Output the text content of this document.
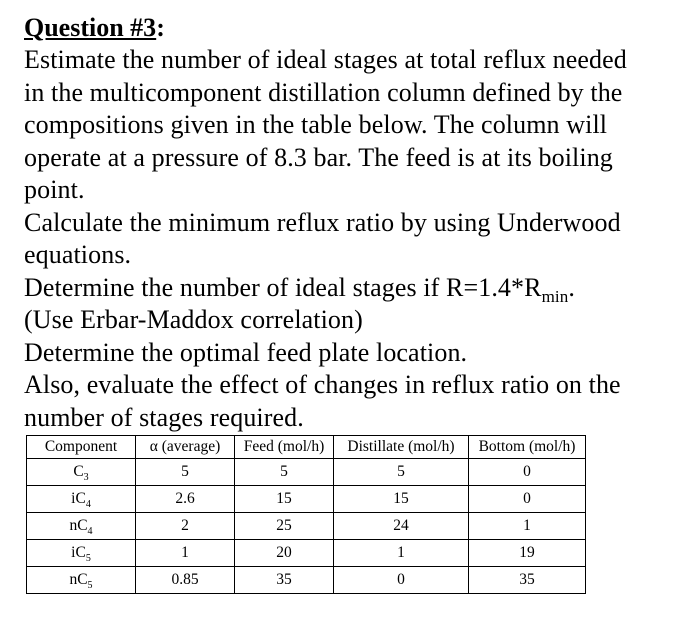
Question #3:

Estimate the number of ideal stages at total reflux needed

in the multicomponent distillation column defined by the

compositions given in the table below. The column will

operate at a pressure of 8.3 bar. The feed is at its boiling

point.

Calculate the minimum reflux ratio by using Underwood

equations.

Determine the number of ideal stages if $R=1.4*R_{min}$.

(Use Erbar-Maddox correlation)

Determine the optimal feed plate location.

Also, evaluate the effect of changes in reflux ratio on the

number of stages required.

Component	α (average)	Feed (mol/h)	Distillate (mol/h)	Bottom (mol/h)
$C_3$	5	5	5	0
$iC_4$	2.6	15	15	0
$nC_4$	2	25	24	1
$iC_5$	1	20	1	19
$nC_5$	0.85	35	0	35
